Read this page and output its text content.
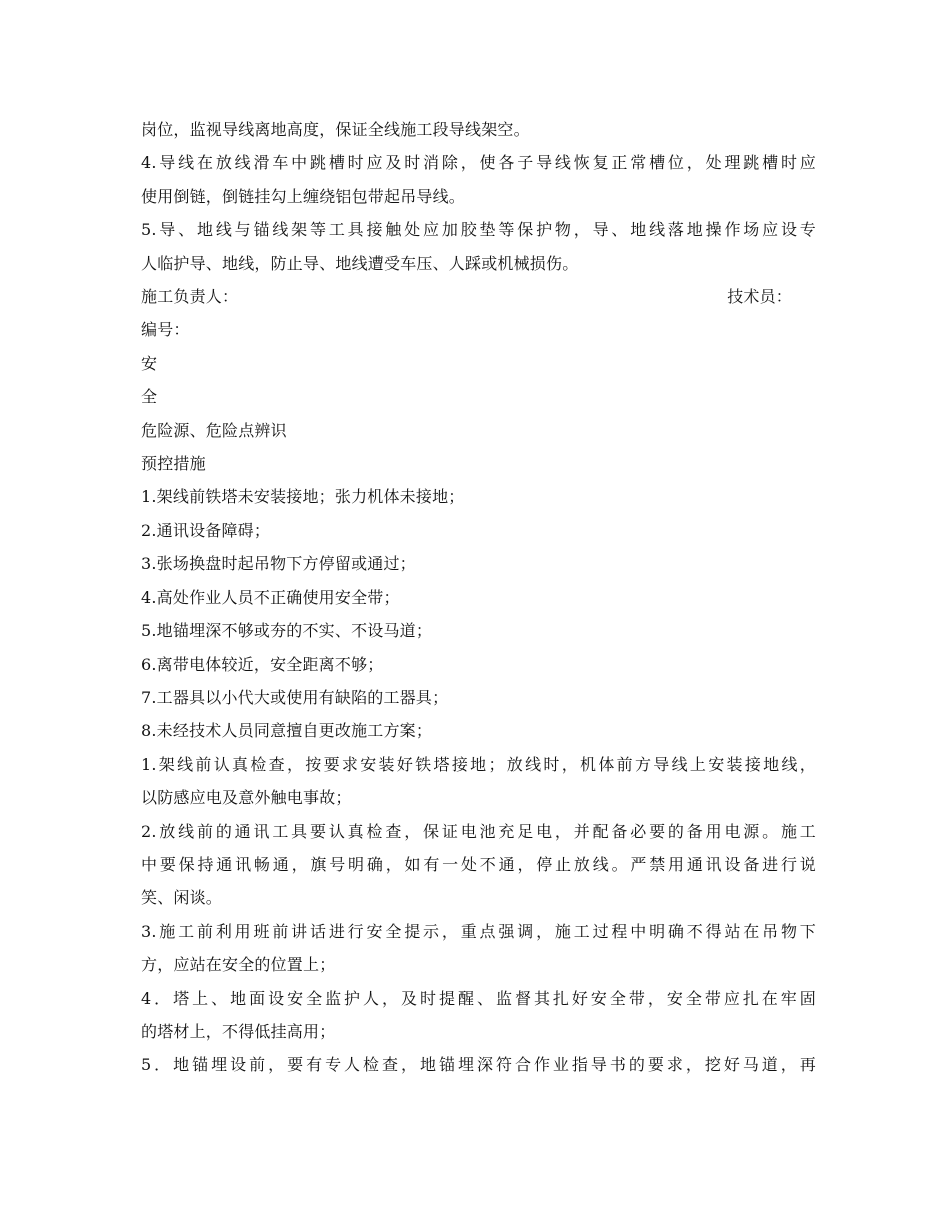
岗位，监视导线离地高度，保证全线施工段导线架空。
4.导线在放线滑车中跳槽时应及时消除，使各子导线恢复正常槽位，处理跳槽时应
使用倒链，倒链挂勾上缠绕铝包带起吊导线。
5.导、地线与锚线架等工具接触处应加胶垫等保护物，导、地线落地操作场应设专
人临护导、地线，防止导、地线遭受车压、人踩或机械损伤。
施工负责人：	技术员：
编号：
安
全
危险源、危险点辨识
预控措施
1.架线前铁塔未安装接地；张力机体未接地；
2.通讯设备障碍；
3.张场换盘时起吊物下方停留或通过；
4.高处作业人员不正确使用安全带；
5.地锚埋深不够或夯的不实、不设马道；
6.离带电体较近，安全距离不够；
7.工器具以小代大或使用有缺陷的工器具；
8.未经技术人员同意擅自更改施工方案；
1.架线前认真检查，按要求安装好铁塔接地；放线时，机体前方导线上安装接地线，
以防感应电及意外触电事故；
2.放线前的通讯工具要认真检查，保证电池充足电，并配备必要的备用电源。施工
中要保持通讯畅通，旗号明确，如有一处不通，停止放线。严禁用通讯设备进行说
笑、闲谈。
3.施工前利用班前讲话进行安全提示，重点强调，施工过程中明确不得站在吊物下
方，应站在安全的位置上；
4．塔上、地面设安全监护人，及时提醒、监督其扎好安全带，安全带应扎在牢固
的塔材上，不得低挂高用；
5．地锚埋设前，要有专人检查，地锚埋深符合作业指导书的要求，挖好马道，再
